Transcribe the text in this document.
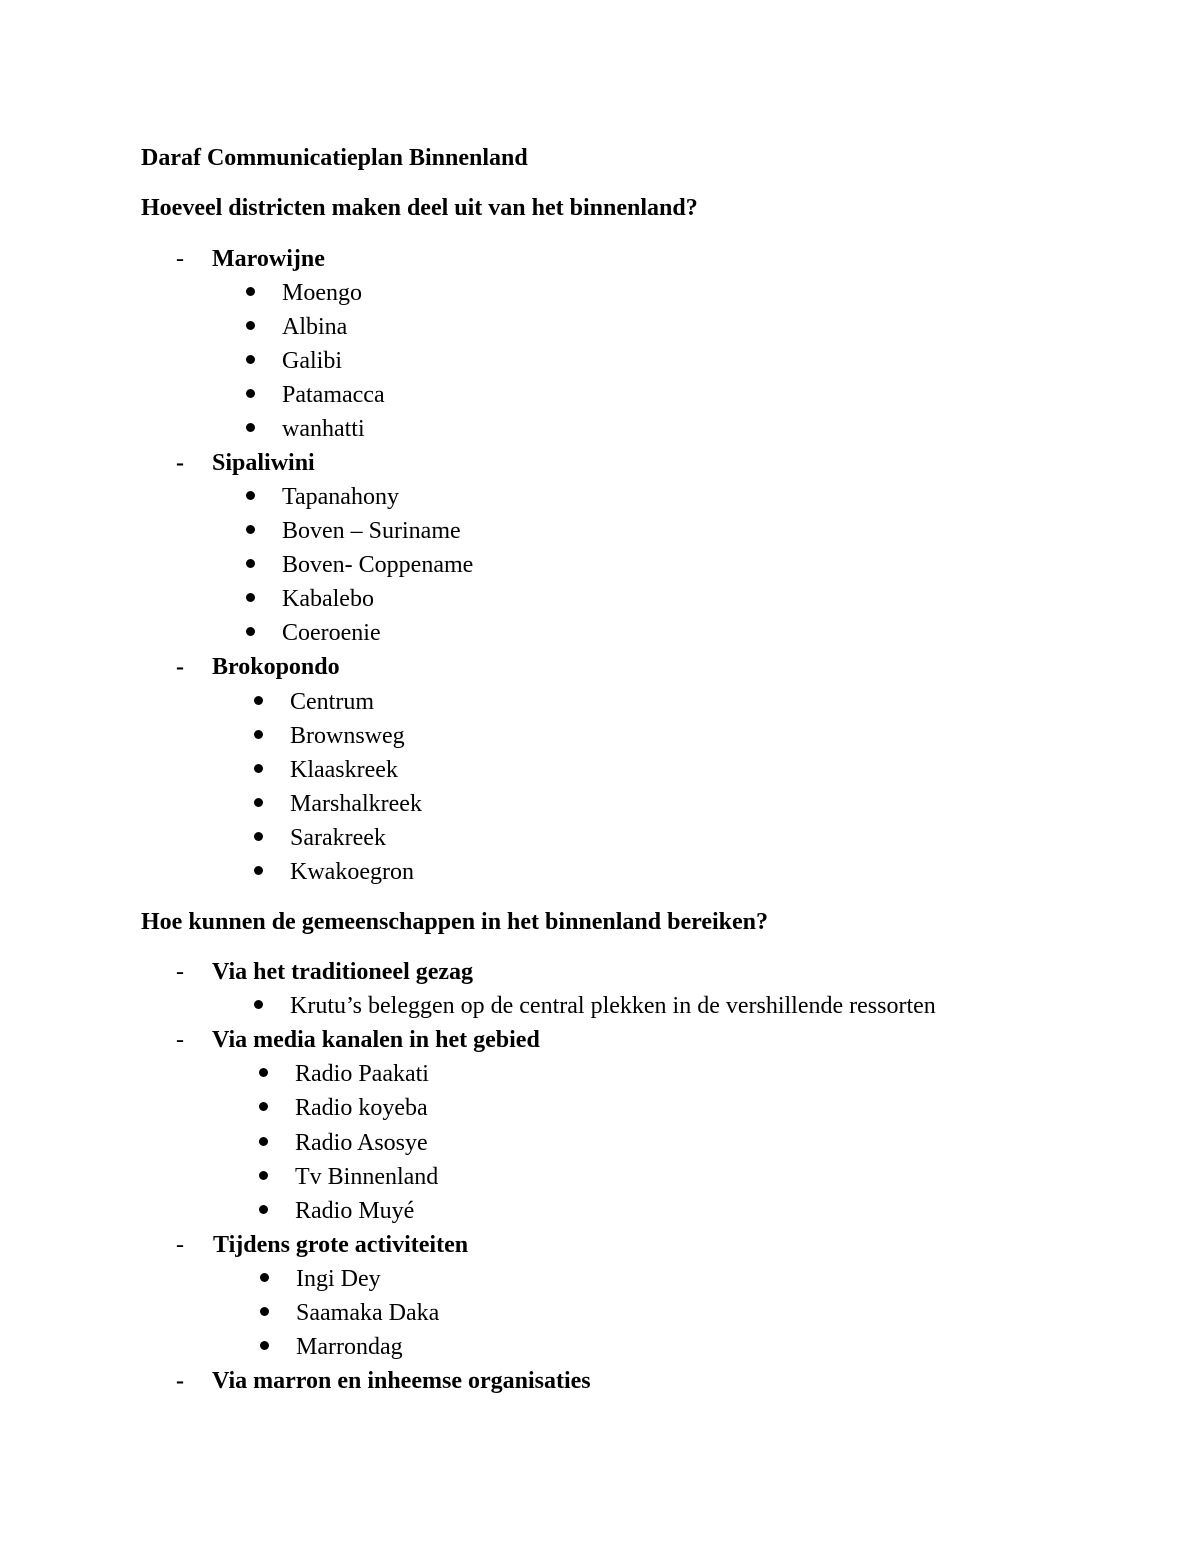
Daraf Communicatieplan Binnenland
Hoeveel districten maken deel uit van het binnenland?
- Marowijne
Moengo
Albina
Galibi
Patamacca
wanhatti
- Sipaliwini
Tapanahony
Boven – Suriname
Boven- Coppename
Kabalebo
Coeroenie
- Brokopondo
Centrum
Brownsweg
Klaaskreek
Marshalkreek
Sarakreek
Kwakoegron
Hoe kunnen de gemeenschappen in het binnenland bereiken?
- Via het traditioneel gezag
Krutu’s beleggen op de central plekken in de vershillende ressorten
- Via media kanalen in het gebied
Radio Paakati
Radio koyeba
Radio Asosye
Tv Binnenland
Radio Muyé
- Tijdens grote activiteiten
Ingi Dey
Saamaka Daka
Marrondag
- Via marron en inheemse organisaties
